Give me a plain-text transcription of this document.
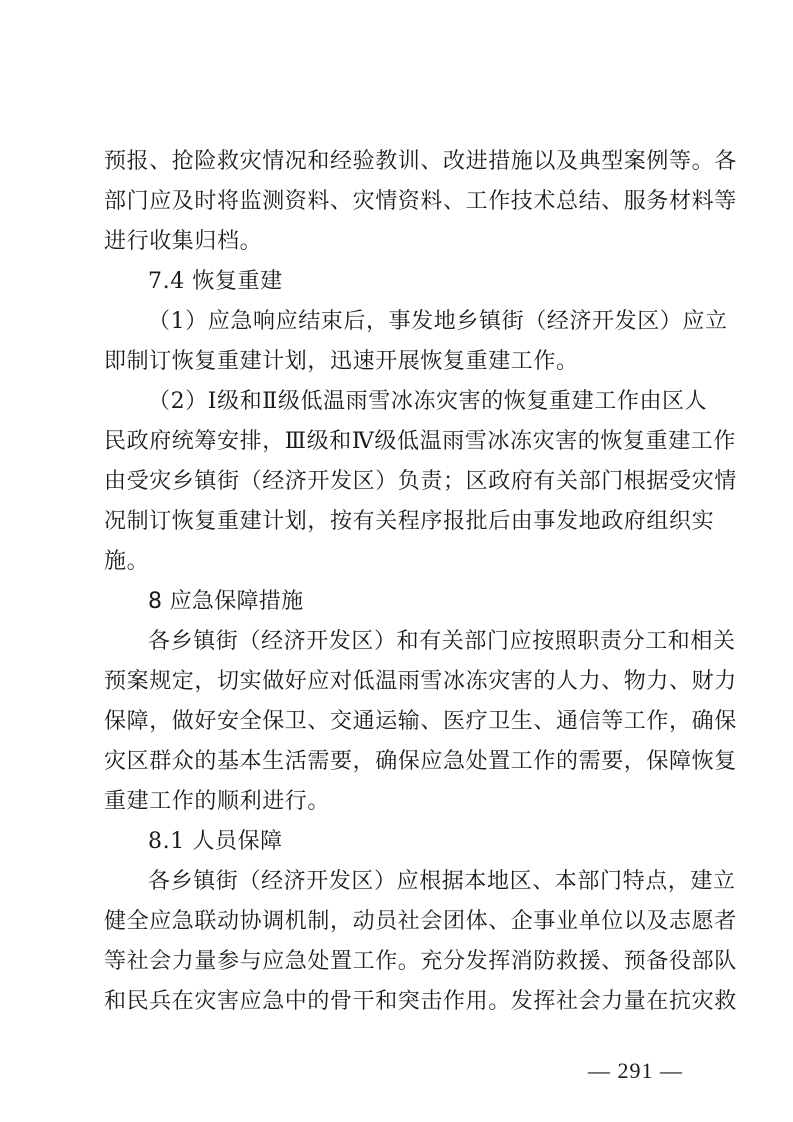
预报、抢险救灾情况和经验教训、改进措施以及典型案例等。各
部门应及时将监测资料、灾情资料、工作技术总结、服务材料等
进行收集归档。
7.4 恢复重建
（1）应急响应结束后，事发地乡镇街（经济开发区）应立
即制订恢复重建计划，迅速开展恢复重建工作。
（2）Ⅰ级和Ⅱ级低温雨雪冰冻灾害的恢复重建工作由区人
民政府统筹安排，Ⅲ级和Ⅳ级低温雨雪冰冻灾害的恢复重建工作
由受灾乡镇街（经济开发区）负责；区政府有关部门根据受灾情
况制订恢复重建计划，按有关程序报批后由事发地政府组织实
施。
8 应急保障措施
各乡镇街（经济开发区）和有关部门应按照职责分工和相关
预案规定，切实做好应对低温雨雪冰冻灾害的人力、物力、财力
保障，做好安全保卫、交通运输、医疗卫生、通信等工作，确保
灾区群众的基本生活需要，确保应急处置工作的需要，保障恢复
重建工作的顺利进行。
8.1 人员保障
各乡镇街（经济开发区）应根据本地区、本部门特点，建立
健全应急联动协调机制，动员社会团体、企事业单位以及志愿者
等社会力量参与应急处置工作。充分发挥消防救援、预备役部队
和民兵在灾害应急中的骨干和突击作用。发挥社会力量在抗灾救
— 291 —
